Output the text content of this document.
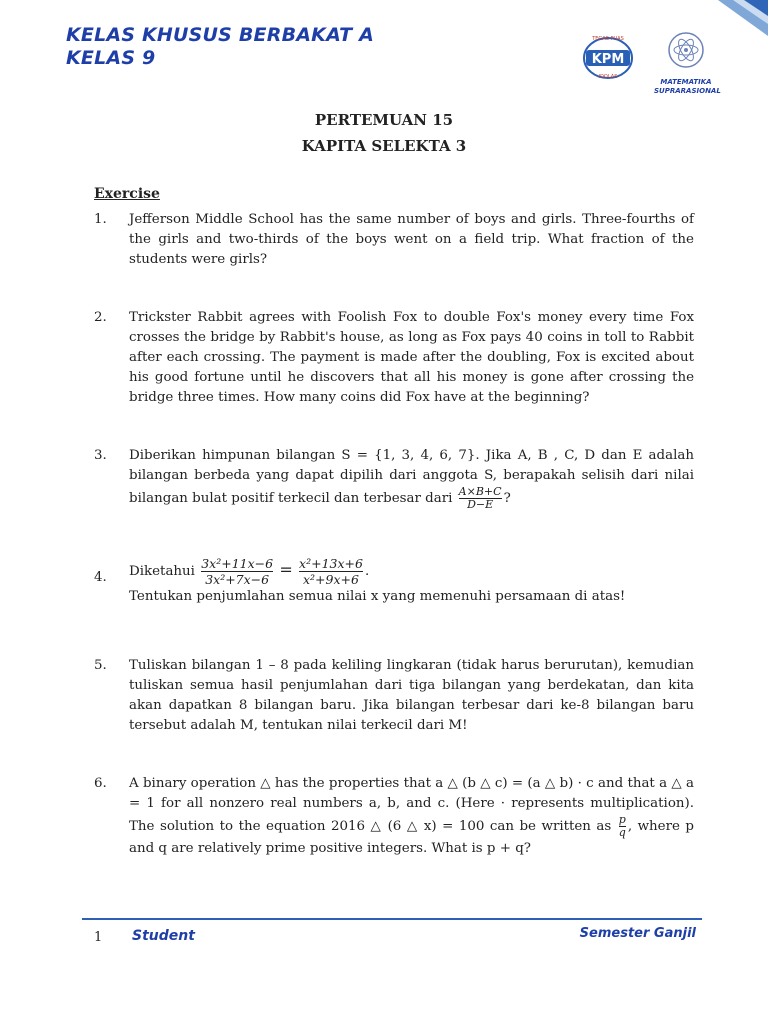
KELAS KHUSUS BERBAKAT A
KELAS 9	KPM
TEGAS PUAS
IDOLAS
MATEMATIKA
SUPRARASIONAL
PERTEMUAN 15
KAPITA SELEKTA 3
Exercise
1.	Jefferson Middle School has the same number of boys and girls. Three-fourths of the girls and two-thirds of the boys went on a field trip. What fraction of the students were girls?
2.	Trickster Rabbit agrees with Foolish Fox to double Fox's money every time Fox crosses the bridge by Rabbit's house, as long as Fox pays 40 coins in toll to Rabbit after each crossing. The payment is made after the doubling, Fox is excited about his good fortune until he discovers that all his money is gone after crossing the bridge three times. How many coins did Fox have at the beginning?
3.	Diberikan himpunan bilangan S = {1, 3, 4, 6, 7}. Jika A, B , C, D dan E adalah bilangan berbeda yang dapat dipilih dari anggota S, berapakah selisih dari nilai bilangan bulat positif terkecil dan terbesar dari $\frac{A\times B+C}{D-E}$ ?
4.	Diketahui $\frac{\text{3x²+11x−6}}{\text{3x²+7x−6}} = \frac{\text{x²+13x+6}}{\text{x²+9x+6}}$ .
Tentukan penjumlahan semua nilai x yang memenuhi persamaan di atas!
5.	Tuliskan bilangan 1 – 8 pada keliling lingkaran (tidak harus berurutan), kemudian tuliskan semua hasil penjumlahan dari tiga bilangan yang berdekatan, dan kita akan dapatkan 8 bilangan baru. Jika bilangan terbesar dari ke-8 bilangan baru tersebut adalah M, tentukan nilai terkecil dari M!
6.	A binary operation △ has the properties that a △ (b △ c) = (a △ b) · c and that a △ a = 1 for all nonzero real numbers a, b, and c. (Here · represents multiplication). The solution to the equation 2016 △ (6 △ x) = 100 can be written as $\frac{p}{q}$ , where p and q are relatively prime positive integers. What is p + q?
1 Student	Semester Ganjil
